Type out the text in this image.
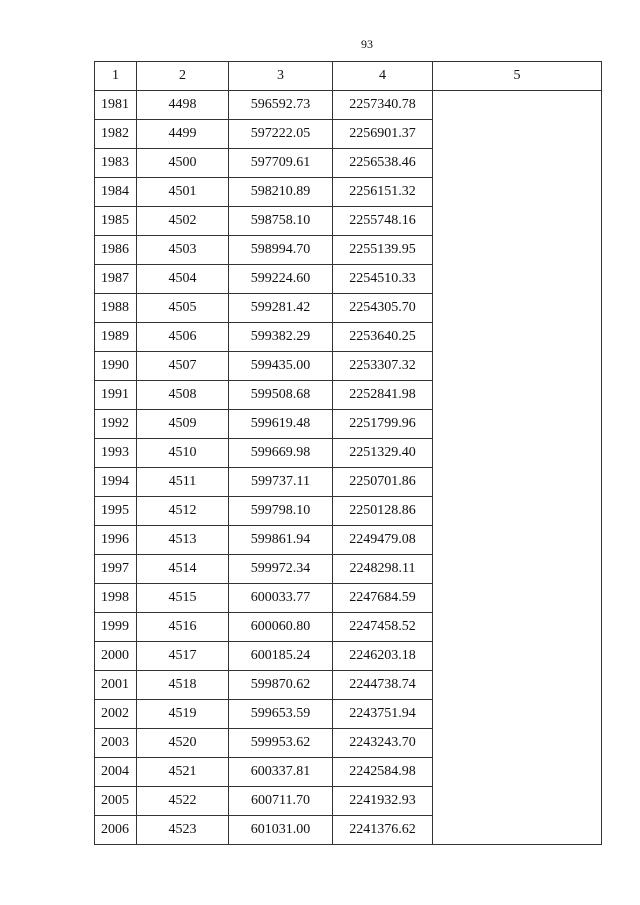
93
1	2	3	4	5
1981	4498	596592.73	2257340.78	
1982	4499	597222.05	2256901.37	
1983	4500	597709.61	2256538.46	
1984	4501	598210.89	2256151.32	
1985	4502	598758.10	2255748.16	
1986	4503	598994.70	2255139.95	
1987	4504	599224.60	2254510.33	
1988	4505	599281.42	2254305.70	
1989	4506	599382.29	2253640.25	
1990	4507	599435.00	2253307.32	
1991	4508	599508.68	2252841.98	
1992	4509	599619.48	2251799.96	
1993	4510	599669.98	2251329.40	
1994	4511	599737.11	2250701.86	
1995	4512	599798.10	2250128.86	
1996	4513	599861.94	2249479.08	
1997	4514	599972.34	2248298.11	
1998	4515	600033.77	2247684.59	
1999	4516	600060.80	2247458.52	
2000	4517	600185.24	2246203.18	
2001	4518	599870.62	2244738.74	
2002	4519	599653.59	2243751.94	
2003	4520	599953.62	2243243.70	
2004	4521	600337.81	2242584.98	
2005	4522	600711.70	2241932.93	
2006	4523	601031.00	2241376.62	
